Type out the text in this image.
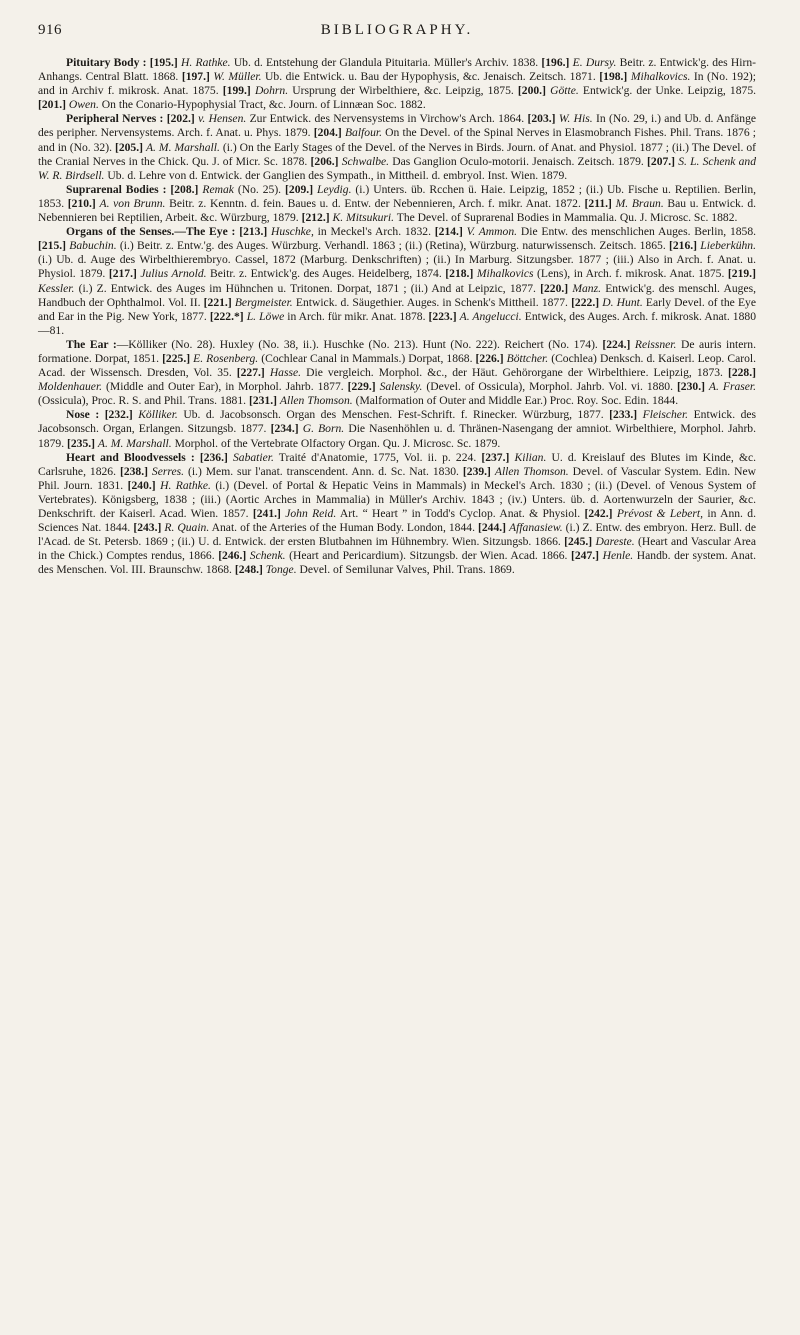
916	BIBLIOGRAPHY.

Pituitary Body : [195.] H. Rathke. Ub. d. Entstehung der Glandula Pituitaria. Müller's Archiv. 1838. [196.] E. Dursy. Beitr. z. Entwick'g. des Hirn-Anhangs. Central Blatt. 1868. [197.] W. Müller. Ub. die Entwick. u. Bau der Hypophysis, &c. Jenaisch. Zeitsch. 1871. [198.] Mihalkovics. In (No. 192); and in Archiv f. mikrosk. Anat. 1875. [199.] Dohrn. Ursprung der Wirbelthiere, &c. Leipzig, 1875. [200.] Götte. Entwick'g. der Unke. Leipzig, 1875. [201.] Owen. On the Conario-Hypophysial Tract, &c. Journ. of Linnæan Soc. 1882.

Peripheral Nerves : [202.] v. Hensen. Zur Entwick. des Nervensystems in Virchow's Arch. 1864. [203.] W. His. In (No. 29, i.) and Ub. d. Anfänge des peripher. Nervensystems. Arch. f. Anat. u. Phys. 1879. [204.] Balfour. On the Devel. of the Spinal Nerves in Elasmobranch Fishes. Phil. Trans. 1876 ; and in (No. 32). [205.] A. M. Marshall. (i.) On the Early Stages of the Devel. of the Nerves in Birds. Journ. of Anat. and Physiol. 1877 ; (ii.) The Devel. of the Cranial Nerves in the Chick. Qu. J. of Micr. Sc. 1878. [206.] Schwalbe. Das Ganglion Oculo-motorii. Jenaisch. Zeitsch. 1879. [207.] S. L. Schenk and W. R. Birdsell. Ub. d. Lehre von d. Entwick. der Ganglien des Sympath., in Mittheil. d. embryol. Inst. Wien. 1879.

Suprarenal Bodies : [208.] Remak (No. 25). [209.] Leydig. (i.) Unters. üb. Rcchen ü. Haie. Leipzig, 1852 ; (ii.) Ub. Fische u. Reptilien. Berlin, 1853. [210.] A. von Brunn. Beitr. z. Kenntn. d. fein. Baues u. d. Entw. der Nebennieren, Arch. f. mikr. Anat. 1872. [211.] M. Braun. Bau u. Entwick. d. Nebennieren bei Reptilien, Arbeit. &c. Würzburg, 1879. [212.] K. Mitsukuri. The Devel. of Suprarenal Bodies in Mammalia. Qu. J. Microsc. Sc. 1882.

Organs of the Senses.—The Eye : [213.] Huschke, in Meckel's Arch. 1832. [214.] V. Ammon. Die Entw. des menschlichen Auges. Berlin, 1858. [215.] Babuchin. (i.) Beitr. z. Entw.'g. des Auges. Würzburg. Verhandl. 1863 ; (ii.) (Retina), Würzburg. naturwissensch. Zeitsch. 1865. [216.] Lieberkühn. (i.) Ub. d. Auge des Wirbelthierembryo. Cassel, 1872 (Marburg. Denkschriften) ; (ii.) In Marburg. Sitzungsber. 1877 ; (iii.) Also in Arch. f. Anat. u. Physiol. 1879. [217.] Julius Arnold. Beitr. z. Entwick'g. des Auges. Heidelberg, 1874. [218.] Mihalkovics (Lens), in Arch. f. mikrosk. Anat. 1875. [219.] Kessler. (i.) Z. Entwick. des Auges im Hühnchen u. Tritonen. Dorpat, 1871 ; (ii.) And at Leipzic, 1877. [220.] Manz. Entwick'g. des menschl. Auges, Handbuch der Ophthalmol. Vol. II. [221.] Bergmeister. Entwick. d. Säugethier. Auges. in Schenk's Mittheil. 1877. [222.] D. Hunt. Early Devel. of the Eye and Ear in the Pig. New York, 1877. [222.*] L. Löwe in Arch. für mikr. Anat. 1878. [223.] A. Angelucci. Entwick, des Auges. Arch. f. mikrosk. Anat. 1880—81.

The Ear :—Kölliker (No. 28). Huxley (No. 38, ii.). Huschke (No. 213). Hunt (No. 222). Reichert (No. 174). [224.] Reissner. De auris intern. formatione. Dorpat, 1851. [225.] E. Rosenberg. (Cochlear Canal in Mammals.) Dorpat, 1868. [226.] Böttcher. (Cochlea) Denksch. d. Kaiserl. Leop. Carol. Acad. der Wissensch. Dresden, Vol. 35. [227.] Hasse. Die vergleich. Morphol. &c., der Häut. Gehörorgane der Wirbelthiere. Leipzig, 1873. [228.] Moldenhauer. (Middle and Outer Ear), in Morphol. Jahrb. 1877. [229.] Salensky. (Devel. of Ossicula), Morphol. Jahrb. Vol. vi. 1880. [230.] A. Fraser. (Ossicula), Proc. R. S. and Phil. Trans. 1881. [231.] Allen Thomson. (Malformation of Outer and Middle Ear.) Proc. Roy. Soc. Edin. 1844.

Nose : [232.] Kölliker. Ub. d. Jacobsonsch. Organ des Menschen. Fest-Schrift. f. Rinecker. Würzburg, 1877. [233.] Fleischer. Entwick. des Jacobsonsch. Organ, Erlangen. Sitzungsb. 1877. [234.] G. Born. Die Nasenhöhlen u. d. Thränen-Nasengang der amniot. Wirbelthiere, Morphol. Jahrb. 1879. [235.] A. M. Marshall. Morphol. of the Vertebrate Olfactory Organ. Qu. J. Microsc. Sc. 1879.

Heart and Bloodvessels : [236.] Sabatier. Traité d'Anatomie, 1775, Vol. ii. p. 224. [237.] Kilian. U. d. Kreislauf des Blutes im Kinde, &c. Carlsruhe, 1826. [238.] Serres. (i.) Mem. sur l'anat. transcendent. Ann. d. Sc. Nat. 1830. [239.] Allen Thomson. Devel. of Vascular System. Edin. New Phil. Journ. 1831. [240.] H. Rathke. (i.) (Devel. of Portal & Hepatic Veins in Mammals) in Meckel's Arch. 1830 ; (ii.) (Devel. of Venous System of Vertebrates). Königsberg, 1838 ; (iii.) (Aortic Arches in Mammalia) in Müller's Archiv. 1843 ; (iv.) Unters. üb. d. Aortenwurzeln der Saurier, &c. Denkschrift. der Kaiserl. Acad. Wien. 1857. [241.] John Reid. Art. “ Heart ” in Todd's Cyclop. Anat. & Physiol. [242.] Prévost & Lebert, in Ann. d. Sciences Nat. 1844. [243.] R. Quain. Anat. of the Arteries of the Human Body. London, 1844. [244.] Affanasiew. (i.) Z. Entw. des embryon. Herz. Bull. de l'Acad. de St. Petersb. 1869 ; (ii.) U. d. Entwick. der ersten Blutbahnen im Hühnembry. Wien. Sitzungsb. 1866. [245.] Dareste. (Heart and Vascular Area in the Chick.) Comptes rendus, 1866. [246.] Schenk. (Heart and Pericardium). Sitzungsb. der Wien. Acad. 1866. [247.] Henle. Handb. der system. Anat. des Menschen. Vol. III. Braunschw. 1868. [248.] Tonge. Devel. of Semilunar Valves, Phil. Trans. 1869.
